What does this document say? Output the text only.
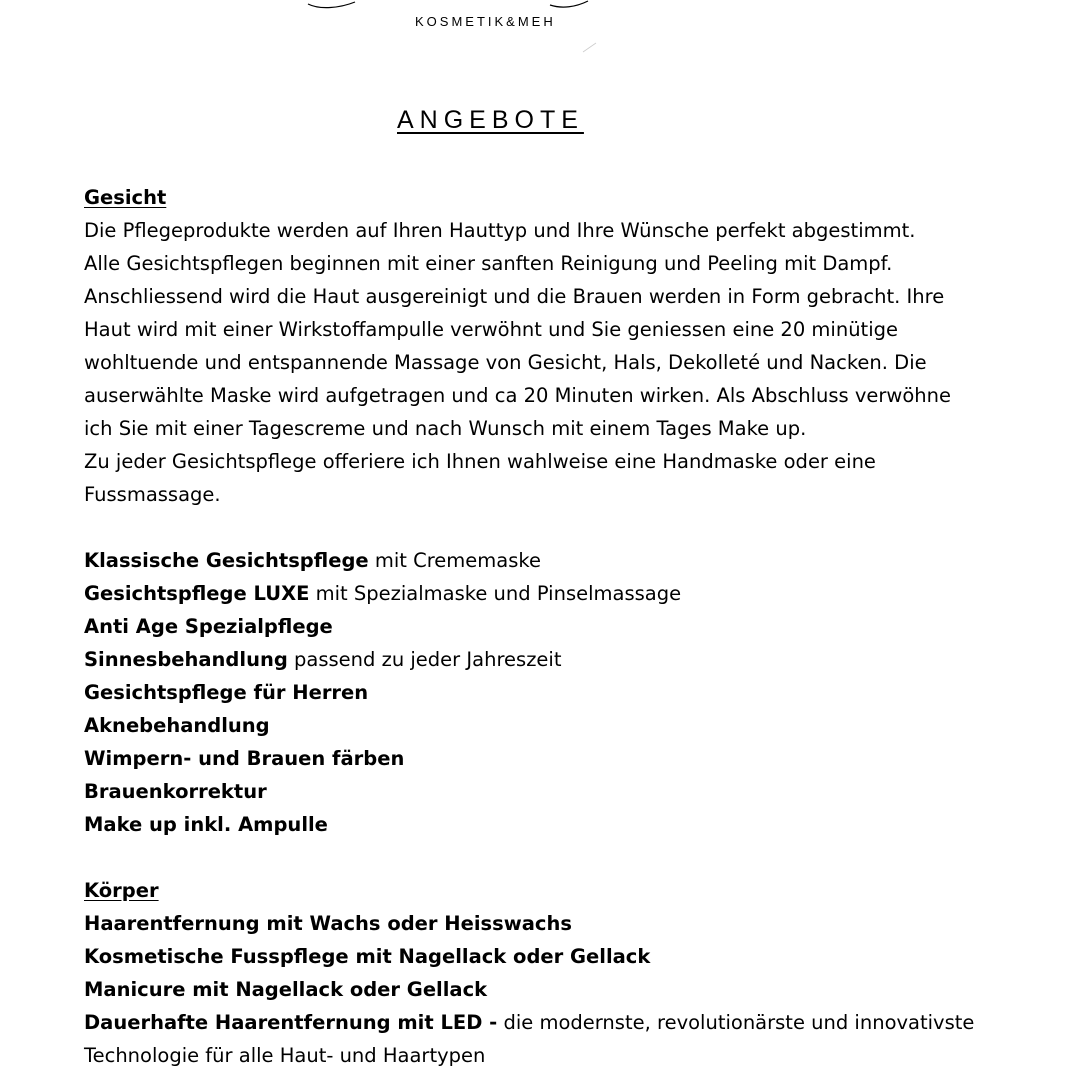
KOSMETIK&MEH
ANGEBOTE
Gesicht
Die Pflegeprodukte werden auf Ihren Hauttyp und Ihre Wünsche perfekt abgestimmt.
Alle Gesichtspflegen beginnen mit einer sanften Reinigung und Peeling mit Dampf.
Anschliessend wird die Haut ausgereinigt und die Brauen werden in Form gebracht. Ihre
Haut wird mit einer Wirkstoffampulle verwöhnt und Sie geniessen eine 20 minütige
wohltuende und entspannende Massage von Gesicht, Hals, Dekolleté und Nacken. Die
auserwählte Maske wird aufgetragen und ca 20 Minuten wirken. Als Abschluss verwöhne
ich Sie mit einer Tagescreme und nach Wunsch mit einem Tages Make up.
Zu jeder Gesichtspflege offeriere ich Ihnen wahlweise eine Handmaske oder eine
Fussmassage.
Klassische Gesichtspflege mit Crememaske
Gesichtspflege LUXE mit Spezialmaske und Pinselmassage
Anti Age Spezialpflege
Sinnesbehandlung passend zu jeder Jahreszeit
Gesichtspflege für Herren
Aknebehandlung
Wimpern- und Brauen färben
Brauenkorrektur
Make up inkl. Ampulle
Körper
Haarentfernung mit Wachs oder Heisswachs
Kosmetische Fusspflege mit Nagellack oder Gellack
Manicure mit Nagellack oder Gellack
Dauerhafte Haarentfernung mit LED - die modernste, revolutionärste und innovativste
Technologie für alle Haut- und Haartypen
